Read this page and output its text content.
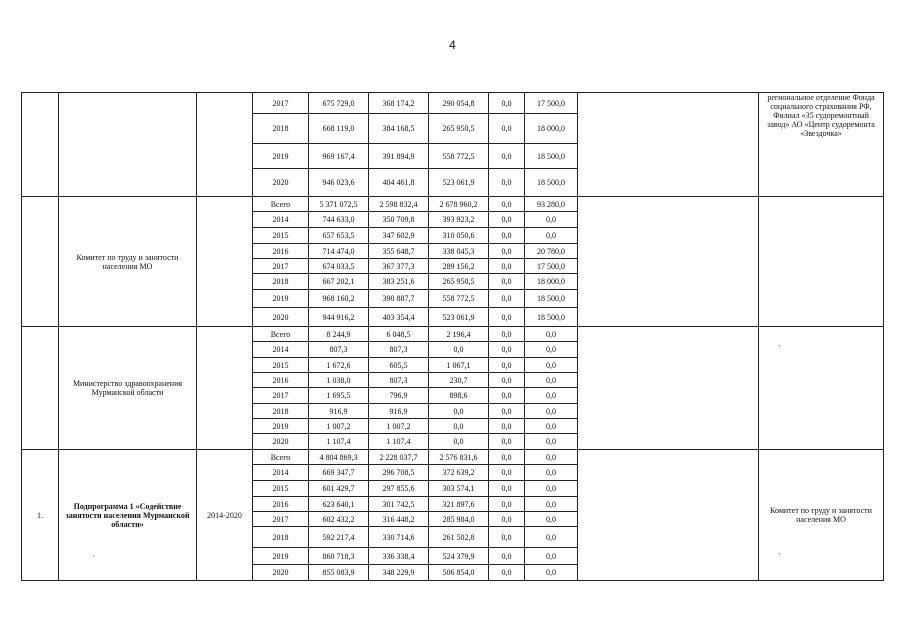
4
			2017	675 729,0	368 174,2	290 054,8	0,0	17 500,0		региональное отделение Фонда социального страхования РФ, Филиал «35 судоремонтный завод» АО «Центр судоремонта «Звездочка»
			2018	668 119,0	384 168,5	265 950,5	0,0	18 000,0		
			2019	969 167,4	391 894,9	558 772,5	0,0	18 500,0		
			2020	946 023,6	404 461,8	523 061,9	0,0	18 500,0		
	Комитет по труду и занятости населения МО		Всего	5 371 072,5	2 598 832,4	2 678 960,2	0,0	93 280,0		
			2014	744 633,0	350 709,8	393 923,2	0,0	0,0		
			2015	657 653,5	347 602,9	310 050,6	0,0	0,0		
			2016	714 474,0	355 648,7	338 045,3	0,0	20 780,0		
			2017	674 033,5	367 377,3	289 156,2	0,0	17 500,0		
			2018	667 202,1	383 251,6	265 950,5	0,0	18 000,0		
			2019	968 160,2	390 887,7	558 772,5	0,0	18 500,0		
			2020	944 916,2	403 354,4	523 061,9	0,0	18 500,0		
	Министерство здравоохранения Мурманской области		Всего	8 244,9	6 048,5	2 196,4	0,0	0,0		
			2014	807,3	807,3	0,0	0,0	0,0		
			2015	1 672,6	605,5	1 067,1	0,0	0,0		
			2016	1 038,0	807,3	230,7	0,0	0,0		
			2017	1 695,5	796,9	898,6	0,0	0,0		
			2018	916,9	916,9	0,0	0,0	0,0		
			2019	1 007,2	1 007,2	0,0	0,0	0,0		
			2020	1 107,4	1 107,4	0,0	0,0	0,0		
1.	Подпрограмма 1 «Содействие занятости населения Мурманской области»	2014-2020	Всего	4 804 869,3	2 228 037,7	2 576 831,6	0,0	0,0		Комитет по труду и занятости населения МО
			2014	669 347,7	296 708,5	372 639,2	0,0	0,0		
			2015	601 429,7	297 855,6	303 574,1	0,0	0,0		
			2016	623 640,1	301 742,5	321 897,6	0,0	0,0		
			2017	602 432,2	316 448,2	285 984,0	0,0	0,0		
			2018	592 217,4	330 714,6	261 502,8	0,0	0,0		
			2019	860 718,3	336 338,4	524 379,9	0,0	0,0		
			2020	855 083,9	348 229,9	506 854,0	0,0	0,0		
·
·
·
